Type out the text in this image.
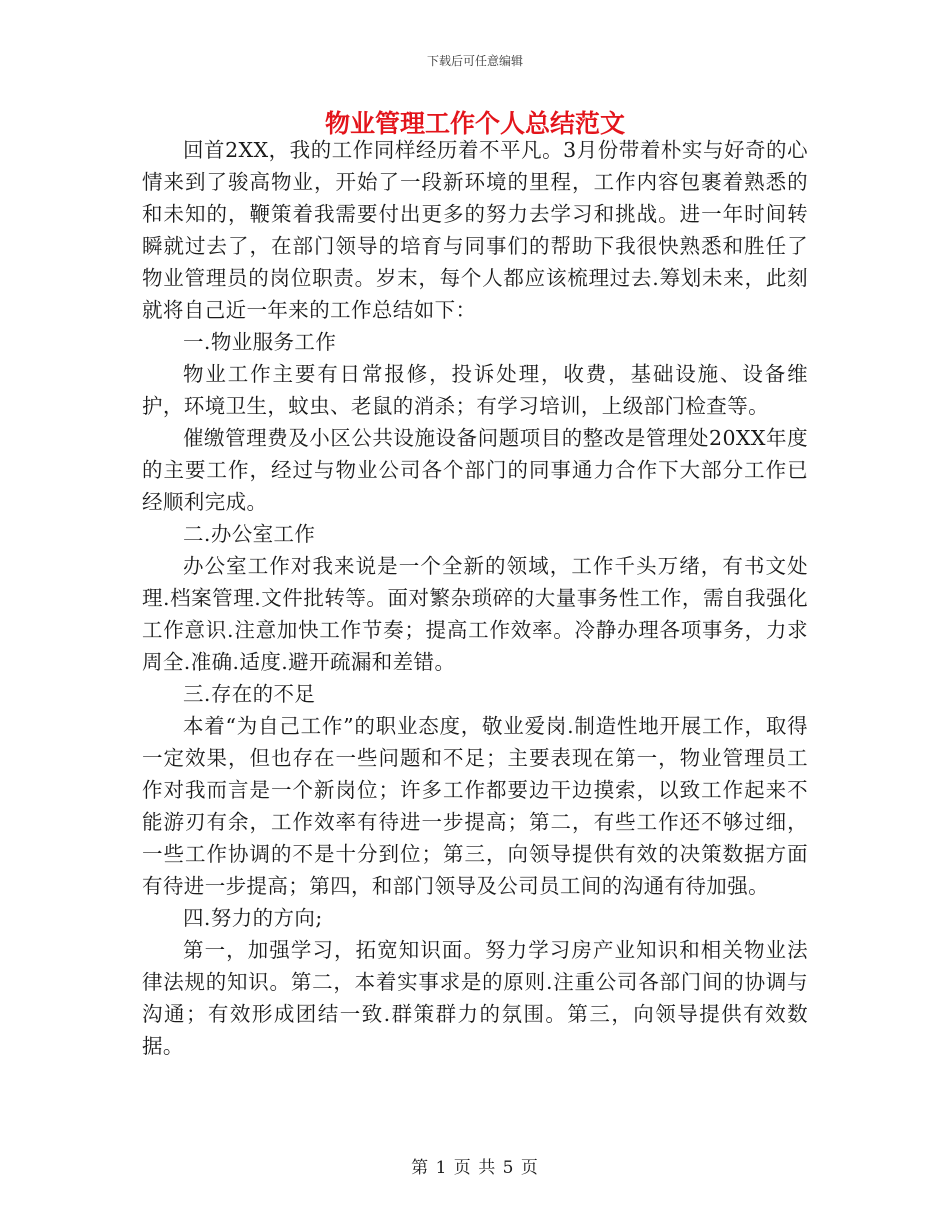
下载后可任意编辑
物业管理工作个人总结范文

回首2XX，我的工作同样经历着不平凡。3月份带着朴实与好奇的心情来到了骏高物业，开始了一段新环境的里程，工作内容包裹着熟悉的和未知的，鞭策着我需要付出更多的努力去学习和挑战。进一年时间转瞬就过去了，在部门领导的培育与同事们的帮助下我很快熟悉和胜任了物业管理员的岗位职责。岁末，每个人都应该梳理过去.筹划未来，此刻就将自己近一年来的工作总结如下：

一.物业服务工作

物业工作主要有日常报修，投诉处理，收费，基础设施、设备维护，环境卫生，蚊虫、老鼠的消杀；有学习培训，上级部门检查等。

催缴管理费及小区公共设施设备问题项目的整改是管理处20XX年度的主要工作，经过与物业公司各个部门的同事通力合作下大部分工作已经顺利完成。

二.办公室工作

办公室工作对我来说是一个全新的领域，工作千头万绪，有书文处理.档案管理.文件批转等。面对繁杂琐碎的大量事务性工作，需自我强化工作意识.注意加快工作节奏；提高工作效率。冷静办理各项事务，力求周全.准确.适度.避开疏漏和差错。

三.存在的不足

本着“为自己工作”的职业态度，敬业爱岗.制造性地开展工作，取得一定效果，但也存在一些问题和不足；主要表现在第一，物业管理员工作对我而言是一个新岗位；许多工作都要边干边摸索，以致工作起来不能游刃有余，工作效率有待进一步提高；第二，有些工作还不够过细，一些工作协调的不是十分到位；第三，向领导提供有效的决策数据方面有待进一步提高；第四，和部门领导及公司员工间的沟通有待加强。

四.努力的方向;

第一，加强学习，拓宽知识面。努力学习房产业知识和相关物业法律法规的知识。第二，本着实事求是的原则.注重公司各部门间的协调与沟通；有效形成团结一致.群策群力的氛围。第三，向领导提供有效数据。

第 1 页 共 5 页
